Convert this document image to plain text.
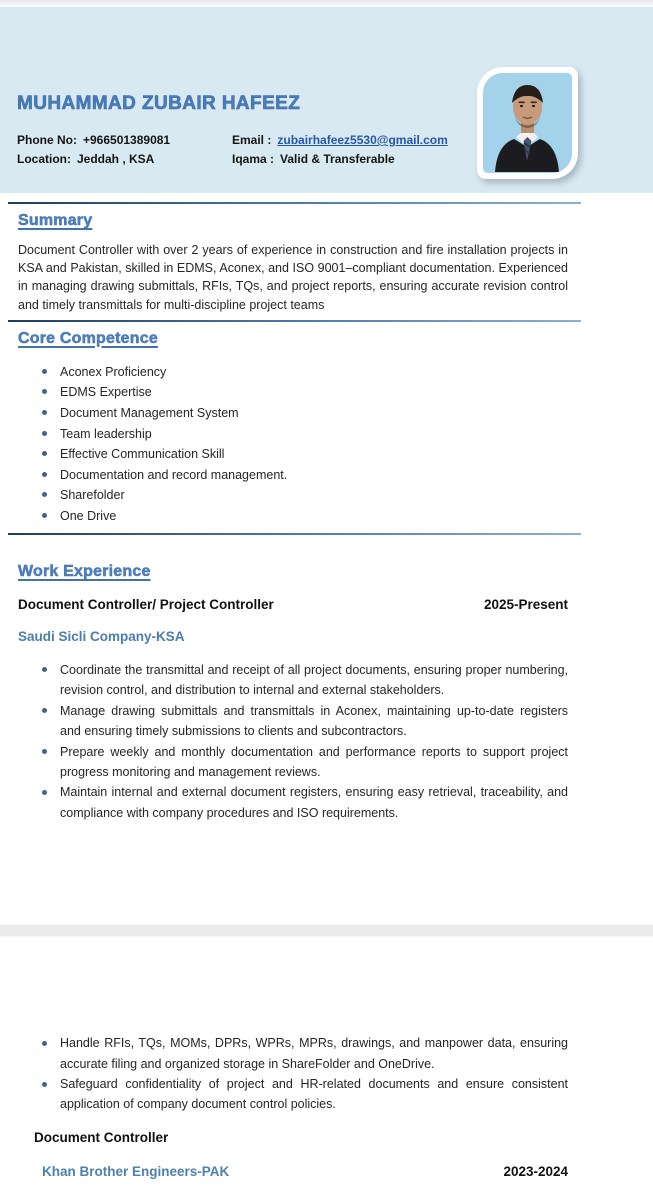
MUHAMMAD ZUBAIR HAFEEZ
Phone No: +966501389081	Email : zubairhafeez5530@gmail.com
Location: Jeddah , KSA	Iqama : Valid & Transferable
Summary

Document Controller with over 2 years of experience in construction and fire installation projects in KSA and Pakistan, skilled in EDMS, Aconex, and ISO 9001–compliant documentation. Experienced in managing drawing submittals, RFIs, TQs, and project reports, ensuring accurate revision control and timely transmittals for multi-discipline project teams

Core Competence
Aconex Proficiency
EDMS Expertise
Document Management System
Team leadership
Effective Communication Skill
Documentation and record management.
Sharefolder
One Drive
Work Experience
Document Controller/ Project Controller	2025-Present
Saudi Sicli Company-KSA
Coordinate the transmittal and receipt of all project documents, ensuring proper numbering, revision control, and distribution to internal and external stakeholders.
Manage drawing submittals and transmittals in Aconex, maintaining up-to-date registers and ensuring timely submissions to clients and subcontractors.
Prepare weekly and monthly documentation and performance reports to support project progress monitoring and management reviews.
Maintain internal and external document registers, ensuring easy retrieval, traceability, and compliance with company procedures and ISO requirements.
Handle RFIs, TQs, MOMs, DPRs, WPRs, MPRs, drawings, and manpower data, ensuring accurate filing and organized storage in ShareFolder and OneDrive.
Safeguard confidentiality of project and HR-related documents and ensure consistent application of company document control policies.
Document Controller
Khan Brother Engineers-PAK	2023-2024
